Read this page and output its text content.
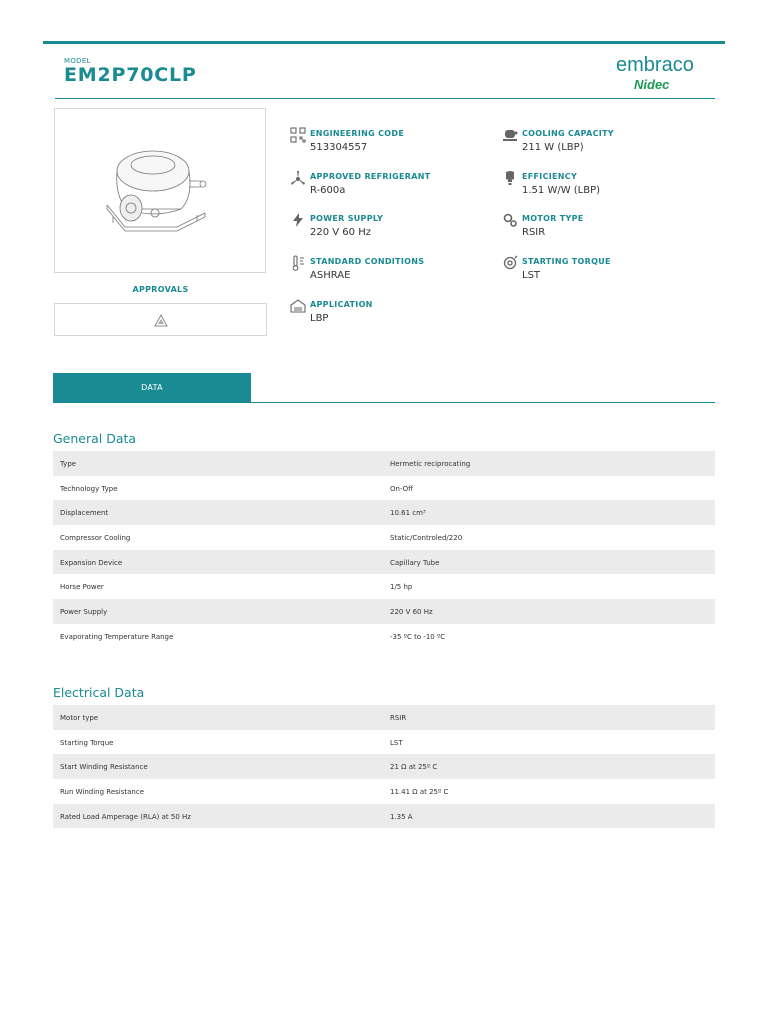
MODEL
EM2P70CLP	embraco
Nidec
APPROVALS
ENGINEERING CODE
513304557
COOLING CAPACITY
211 W (LBP)
APPROVED REFRIGERANT
R-600a
EFFICIENCY
1.51 W/W (LBP)
POWER SUPPLY
220 V 60 Hz
MOTOR TYPE
RSIR
STANDARD CONDITIONS
ASHRAE
STARTING TORQUE
LST
APPLICATION
LBP
DATA
General Data
Type	Hermetic reciprocating
Technology Type	On-Off
Displacement	10.61 cm³
Compressor Cooling	Static/Controled/220
Expansion Device	Capillary Tube
Horse Power	1/5 hp
Power Supply	220 V 60 Hz
Evaporating Temperature Range	-35 ºC to -10 ºC
Electrical Data
Motor type	RSIR
Starting Torque	LST
Start Winding Resistance	21 Ω at 25º C
Run Winding Resistance	11.41 Ω at 25º C
Rated Load Amperage (RLA) at 50 Hz	1.35 A
